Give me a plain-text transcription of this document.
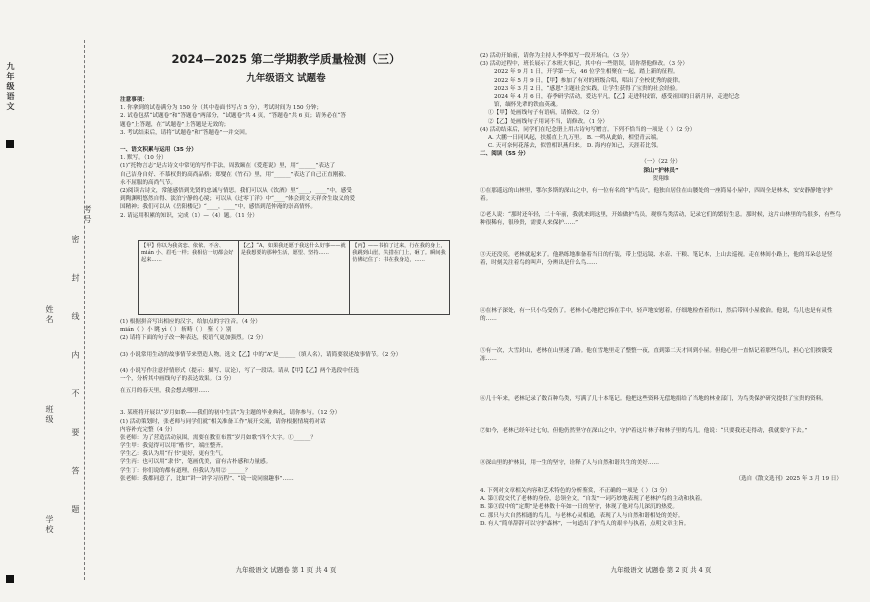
九年级语文
学校
班级
姓名
考号
密 封 线 内 不 要 答 题
2024—2025 第二学期教学质量检测（三）
九年级语文 试题卷
注意事项：
1. 你拿到的试卷满分为 150 分（其中卷面书写占 5 分），考试时间为 150 分钟；
2. 试卷包括“试题卷”和“答题卷”两部分，“试题卷”共 4 页，“答题卷”共 6 页；请务必在“答
题卷”上答题，在“试题卷”上答题是无效的；
3. 考试结束后，请将“试题卷”和“答题卷”一并交回。
一、语文积累与运用（35 分）
1. 默写。（10 分）
(1)“托物言志”是古诗文中常见的写作手法，周敦颐在《爱莲说》里，用“______”表达了
自己洁身自好、不慕权贵的高尚品格；郑燮在《竹石》里，用“______”表达了自己正直刚毅、
永不屈服的高尚气节。
(2)阅读古诗文，常能感悟到先贤的忠诚与情思。我们可以从《饮酒》里“____，____”中，感受
到陶渊明悠然自得、淡泊宁静的心境；可以从《过零丁洋》中“____”体会到文天祥舍生取义的爱
国精神；我们可以从《岳阳楼记》“____，____”中，感悟到范仲淹的崇高情怀。
2. 请运用积累的知识，完成（1）—（4）题。（11 分）
【甲】你以为我贪恋、依依、不舍、mián 小、眉毛一样；我相信一切都会好起来……
【乙】“A，如果我还愿于我这什么好事——就是我想要的那种生活，愿望、坚持……
【丙】——书拍了过来，行在我的身上，我跳到山崖，失措在门上，砸了。瞬间我仿佛记住了：书在我身边，……
(1) 根据拼音写出相应的汉字，给加点的字注音。（4 分）
mián（ ）小 眺 yì（ ） 斩畴（ ） 鉴（ ）别
(2) 请将下面的句子改一种表达，使语气更加强烈。（2 分）
(3) 小说常用生动的故事情节来塑造人物。选文【乙】中的“A”是______（填人名），请简要叙述故事情节。（2 分）
(4) 小说写作注意抒情形式（提示：描写、议论），写了一段话。请从【甲】【乙】两个选段中任选
一个，分析其中画线句子的表达效果。（3 分）
在五月的春天里，我会想去哪里……
3. 某班将开展以“岁月如歌——我们的初中生活”为主题的毕业典礼，请你参与。（12 分）
(1) 活动策划时，张老师与同学们就“相关准备工作”展开交流，请你根据情境将对话
内容补充完整（4 分）
张老师：为了营造活动氛围，需要在教室布置“岁月如歌”四个大字。①______？
学生甲：我觉得可以用“楷书”，端庄整齐。
学生乙：我认为用“行书”更好，更有生气。
学生丙：也可以用“隶书”，笔画优美，富有古朴感和力量感。
学生丁：你们说的都有道理，但我认为用② ______？
张老师：我都同意了，比如“讲一讲学习历程”、“说一说同窗趣事”……
九年级语文 试题卷 第 1 页 共 4 页
(2) 活动开始前，请你为主持人李华拟写一段开场白。（3 分）
(3) 活动过程中，班长展示了本班大事记，其中有一些错误，请你帮他修改。（3 分）
2022 年 9 月 1 日，开学第一天，46 位学生相聚在一起，踏上新的征程。
2022 年 5 月 9 日，【甲】参加了有对的班级合唱，唱出了全校优秀的旋律。
2023 年 3 月 2 日，“感恩”主题社会实践，让学生获得了宝贵的社会经验。
2024 年 4 月 6 日，春季研学活动，爱达平凡，【乙】走进科技馆，感受祖国的日新月异，走进纪念
馆，缅怀先辈的铁血英魂。
①【甲】处画线句子有语病，请修改。（2 分）
②【乙】处画线句子用词不当，请修改。（1 分）
(4) 活动结束后，同学们在纪念册上用古诗句写赠言。下列不恰当的一项是（ ）（2 分）
A. 大鹏一日同风起，扶摇直上九万里。 B. 一鸣从此始，相望青云端。
C. 天可奈何花落去，似曾相识燕归来。 D. 海内存知己，天涯若比邻。
二、阅读（55 分）
（一）（22 分）
深山“护林员”
贺翔维
①在那遥远的山林里，鄂尔多斯的深山之中，有一位有名的“护鸟员”，他独自居住在山腰处的一座简易小屋中，四周全是林木，安安静静地守护着。
②老人说：“那时还年轻，二十年前，我就来到这里，开始做护鸟员，观察鸟类活动，记录它们的繁衍生息。那时候，这片山林里的鸟很多，有些鸟种很稀有，很珍贵，需要人来保护……”
③天还没亮，老林就起来了。他熟练地准备着当日的行装，带上望远镜、水壶、干粮、笔记本，上山去巡视。走在林间小路上，他的耳朵总是竖着，时刻关注着鸟的叫声，分辨出是什么鸟……
④在林子深处，有一只小鸟受伤了。老林小心地把它捧在手中，轻声地安慰着，仔细地检查着伤口，然后带回小屋救治。他说，鸟儿也是有灵性的……
⑤有一次，大雪封山，老林在山里迷了路。他在雪地里走了整整一夜，直到第二天才回到小屋。但他心里一直惦记着那些鸟儿，担心它们挨饿受冻……
⑥几十年来，老林记录了数百种鸟类，写满了几十本笔记。他把这些资料无偿地捐给了当地的林业部门，为鸟类保护研究提供了宝贵的资料。
⑦如今，老林已经年过七旬，但他仍然坚守在深山之中，守护着这片林子和林子里的鸟儿。他说：“只要我还走得动，我就要守下去。”
⑧深山里的护林员，用一生的坚守，诠释了人与自然和谐共生的美好……
（选自《散文选刊》2025 年 3 月 19 日）
4. 下列对文章相关内容和艺术特色的分析鉴赏，不正确的一项是（ ）（3 分）
A. 第①段交代了老林的身份，总领全文，“自发”一词巧妙地表现了老林护鸟的主动和执着。
B. 第③段中的“定期”是老林数十年如一日的坚守，体现了他对鸟儿深沉的热爱。
C. 那只与大自然相通的鸟儿，与老林心灵相通，表现了人与自然和谐相处的美好。
D. 有人“简单辞辞可以守护森林”，一句道出了护鸟人的艰辛与执着，点明文章主旨。
九年级语文 试题卷 第 2 页 共 4 页
